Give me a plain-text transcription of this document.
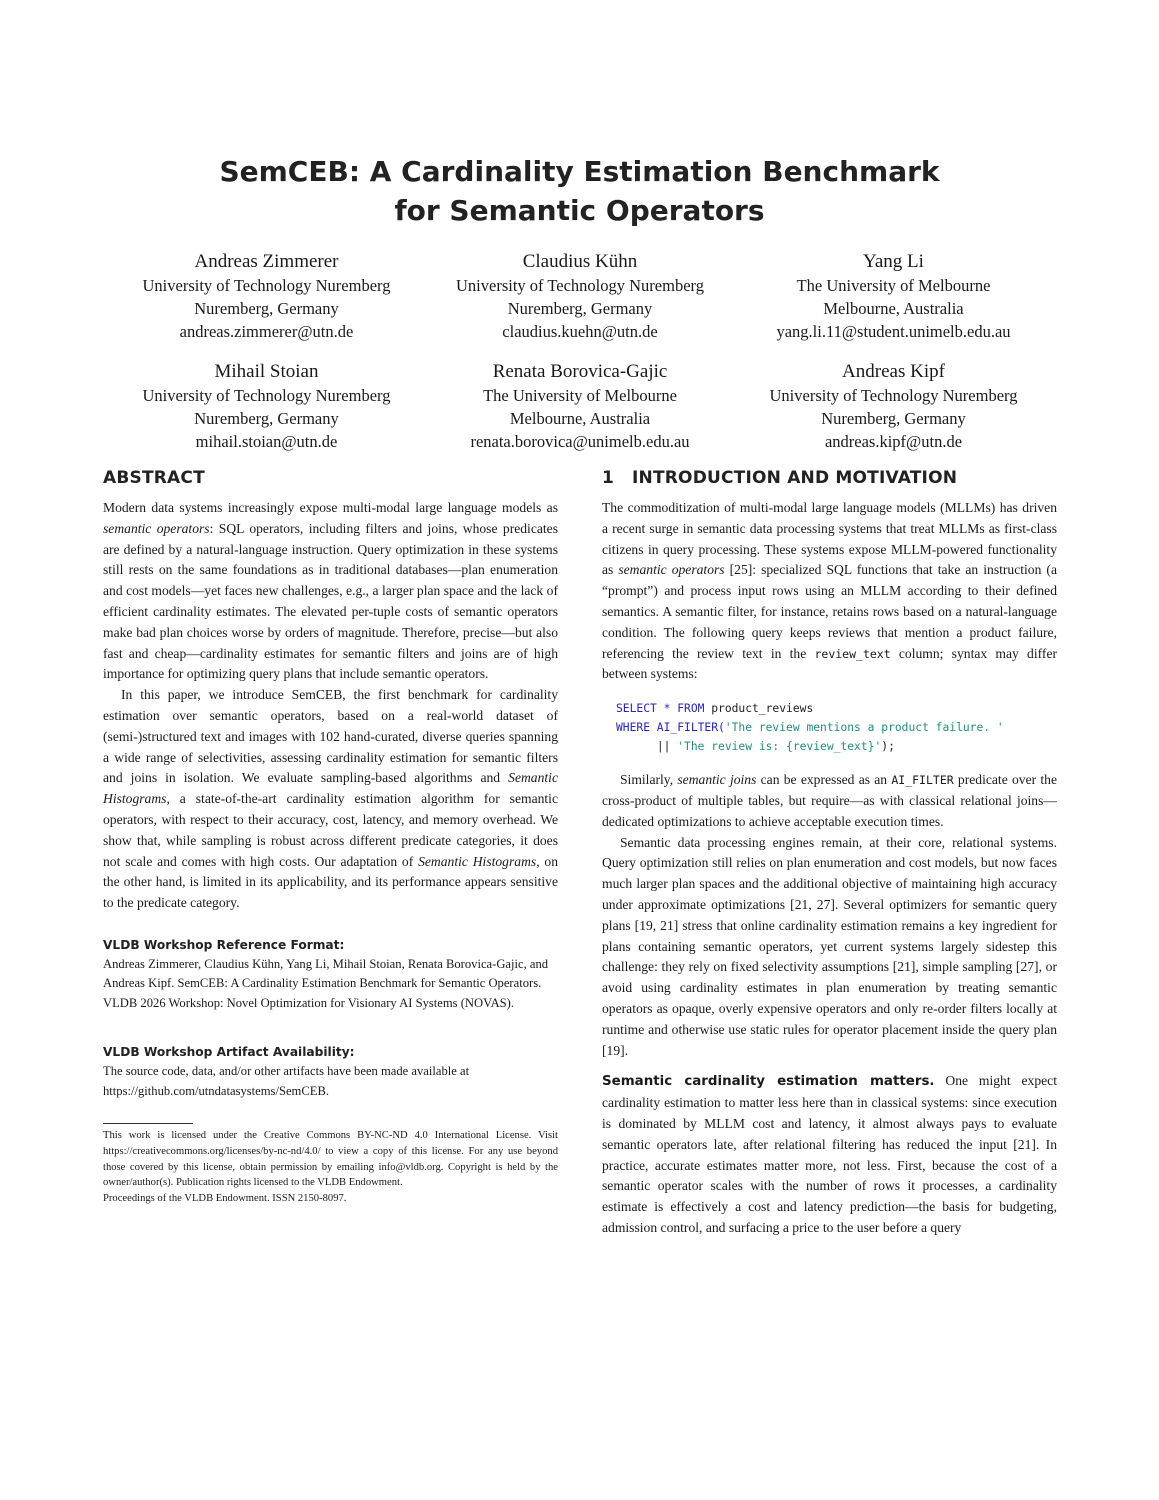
SemCEB: A Cardinality Estimation Benchmark
for Semantic Operators
Andreas Zimmerer
University of Technology Nuremberg
Nuremberg, Germany
andreas.zimmerer@utn.de
Claudius Kühn
University of Technology Nuremberg
Nuremberg, Germany
claudius.kuehn@utn.de
Yang Li
The University of Melbourne
Melbourne, Australia
yang.li.11@student.unimelb.edu.au
Mihail Stoian
University of Technology Nuremberg
Nuremberg, Germany
mihail.stoian@utn.de
Renata Borovica-Gajic
The University of Melbourne
Melbourne, Australia
renata.borovica@unimelb.edu.au
Andreas Kipf
University of Technology Nuremberg
Nuremberg, Germany
andreas.kipf@utn.de
ABSTRACT

Modern data systems increasingly expose multi-modal large language models as semantic operators: SQL operators, including filters and joins, whose predicates are defined by a natural-language instruction. Query optimization in these systems still rests on the same foundations as in traditional databases—plan enumeration and cost models—yet faces new challenges, e.g., a larger plan space and the lack of efficient cardinality estimates. The elevated per-tuple costs of semantic operators make bad plan choices worse by orders of magnitude. Therefore, precise—but also fast and cheap—cardinality estimates for semantic filters and joins are of high importance for optimizing query plans that include semantic operators.

In this paper, we introduce SemCEB, the first benchmark for cardinality estimation over semantic operators, based on a real-world dataset of (semi-)structured text and images with 102 hand-curated, diverse queries spanning a wide range of selectivities, assessing cardinality estimation for semantic filters and joins in isolation. We evaluate sampling-based algorithms and Semantic Histograms, a state-of-the-art cardinality estimation algorithm for semantic operators, with respect to their accuracy, cost, latency, and memory overhead. We show that, while sampling is robust across different predicate categories, it does not scale and comes with high costs. Our adaptation of Semantic Histograms, on the other hand, is limited in its applicability, and its performance appears sensitive to the predicate category.

VLDB Workshop Reference Format:
Andreas Zimmerer, Claudius Kühn, Yang Li, Mihail Stoian, Renata Borovica-Gajic, and Andreas Kipf. SemCEB: A Cardinality Estimation Benchmark for Semantic Operators. VLDB 2026 Workshop: Novel Optimization for Visionary AI Systems (NOVAS).
VLDB Workshop Artifact Availability:
The source code, data, and/or other artifacts have been made available at https://github.com/utndatasystems/SemCEB.
This work is licensed under the Creative Commons BY-NC-ND 4.0 International License. Visit https://creativecommons.org/licenses/by-nc-nd/4.0/ to view a copy of this license. For any use beyond those covered by this license, obtain permission by emailing info@vldb.org. Copyright is held by the owner/author(s). Publication rights licensed to the VLDB Endowment.
Proceedings of the VLDB Endowment. ISSN 2150-8097.
1 INTRODUCTION AND MOTIVATION

The commoditization of multi-modal large language models (MLLMs) has driven a recent surge in semantic data processing systems that treat MLLMs as first-class citizens in query processing. These systems expose MLLM-powered functionality as semantic operators [25]: specialized SQL functions that take an instruction (a “prompt”) and process input rows using an MLLM according to their defined semantics. A semantic filter, for instance, retains rows based on a natural-language condition. The following query keeps reviews that mention a product failure, referencing the review text in the review_text column; syntax may differ between systems:

SELECT * FROM product_reviews
WHERE AI_FILTER('The review mentions a product failure. '
|| 'The review is: {review_text}');

Similarly, semantic joins can be expressed as an AI_FILTER predicate over the cross-product of multiple tables, but require—as with classical relational joins—dedicated optimizations to achieve acceptable execution times.

Semantic data processing engines remain, at their core, relational systems. Query optimization still relies on plan enumeration and cost models, but now faces much larger plan spaces and the additional objective of maintaining high accuracy under approximate optimizations [21, 27]. Several optimizers for semantic query plans [19, 21] stress that online cardinality estimation remains a key ingredient for plans containing semantic operators, yet current systems largely sidestep this challenge: they rely on fixed selectivity assumptions [21], simple sampling [27], or avoid using cardinality estimates in plan enumeration by treating semantic operators as opaque, overly expensive operators and only re-order filters locally at runtime and otherwise use static rules for operator placement inside the query plan [19].

Semantic cardinality estimation matters. One might expect cardinality estimation to matter less here than in classical systems: since execution is dominated by MLLM cost and latency, it almost always pays to evaluate semantic operators late, after relational filtering has reduced the input [21]. In practice, accurate estimates matter more, not less. First, because the cost of a semantic operator scales with the number of rows it processes, a cardinality estimate is effectively a cost and latency prediction—the basis for budgeting, admission control, and surfacing a price to the user before a query
